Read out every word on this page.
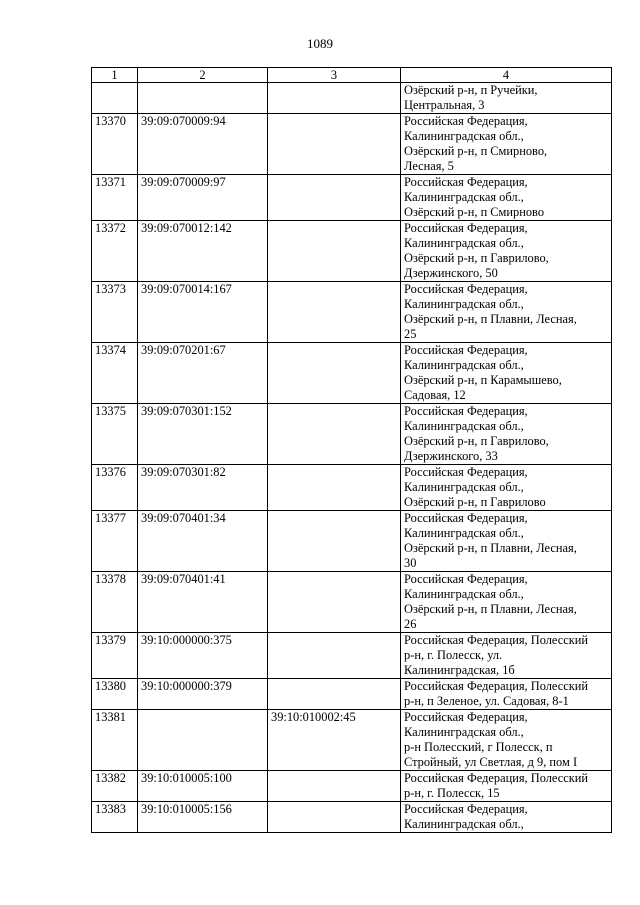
1089
1	2	3	4

			Озёрский р-н, п Ручейки,
Центральная, 3

13370	39:09:070009:94		Российская Федерация,
Калининградская обл.,
Озёрский р-н, п Смирново,
Лесная, 5

13371	39:09:070009:97		Российская Федерация,
Калининградская обл.,
Озёрский р-н, п Смирново

13372	39:09:070012:142		Российская Федерация,
Калининградская обл.,
Озёрский р-н, п Гаврилово,
Дзержинского, 50

13373	39:09:070014:167		Российская Федерация,
Калининградская обл.,
Озёрский р-н, п Плавни, Лесная,
25

13374	39:09:070201:67		Российская Федерация,
Калининградская обл.,
Озёрский р-н, п Карамышево,
Садовая, 12

13375	39:09:070301:152		Российская Федерация,
Калининградская обл.,
Озёрский р-н, п Гаврилово,
Дзержинского, 33

13376	39:09:070301:82		Российская Федерация,
Калининградская обл.,
Озёрский р-н, п Гаврилово

13377	39:09:070401:34		Российская Федерация,
Калининградская обл.,
Озёрский р-н, п Плавни, Лесная,
30

13378	39:09:070401:41		Российская Федерация,
Калининградская обл.,
Озёрский р-н, п Плавни, Лесная,
26

13379	39:10:000000:375		Российская Федерация, Полесский
р-н, г. Полесск, ул.
Калининградская, 1б

13380	39:10:000000:379		Российская Федерация, Полесский
р-н, п Зеленое, ул. Садовая, 8-1

13381		39:10:010002:45	Российская Федерация,
Калининградская обл.,
р-н Полесский, г Полесск, п
Стройный, ул Светлая, д 9, пом I

13382	39:10:010005:100		Российская Федерация, Полесский
р-н, г. Полесск, 15

13383	39:10:010005:156		Российская Федерация,
Калининградская обл.,
